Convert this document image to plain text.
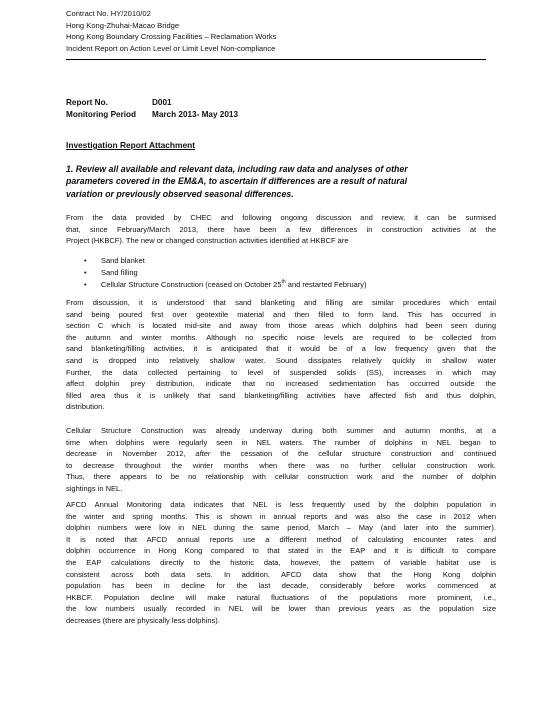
Contract No. HY/2010/02
Hong Kong-Zhuhai-Macao Bridge
Hong Kong Boundary Crossing Facilities – Reclamation Works
Incident Report on Action Level or Limit Level Non-compliance
Report No.	D001
Monitoring Period	March 2013- May 2013
Investigation Report Attachment
1. Review all available and relevant data, including raw data and analyses of other
parameters covered in the EM&A, to ascertain if differences are a result of natural
variation or previously observed seasonal differences.
From the data provided by CHEC and following ongoing discussion and review, it can be surmised
that, since February/March 2013, there have been a few differences in construction activities at the
Project (HKBCF). The new or changed construction activities identified at HKBCF are
•	Sand blanket
•	Sand filling
•	Cellular Structure Construction (ceased on October 25th and restarted February)
From discussion, it is understood that sand blanketing and filling are similar procedures which entail
sand being poured first over geotextile material and then filled to form land. This has occurred in
section C which is located mid-site and away from those areas which dolphins had been seen during
the autumn and winter months. Although no specific noise levels are required to be collected from
sand blanketing/filling activities, it is anticipated that it would be of a low frequency given that the
sand is dropped into relatively shallow water. Sound dissipates relatively quickly in shallow water
Further, the data collected pertaining to level of suspended solids (SS), increases in which may
affect dolphin prey distribution, indicate that no increased sedimentation has occurred outside the
filled area thus it is unlikely that sand blanketing/filling activities have affected fish and thus dolphin,
distribution.
Cellular Structure Construction was already underway during both summer and autumn months, at a
time when dolphins were regularly seen in NEL waters. The number of dolphins in NEL began to
decrease in November 2012, after the cessation of the cellular structure construction and continued
to decrease throughout the winter months when there was no further cellular construction work.
Thus, there appears to be no relationship with cellular construction work and the number of dolphin
sightings in NEL.
AFCD Annual Monitoring data indicates that NEL is less frequently used by the dolphin population in
the winter and spring months. This is shown in annual reports and was also the case in 2012 when
dolphin numbers were low in NEL during the same period, March – May (and later into the summer).
It is noted that AFCD annual reports use a different method of calculating encounter rates and
dolphin occurrence in Hong Kong compared to that stated in the EAP and it is difficult to compare
the EAP calculations directly to the historic data, however, the pattern of variable habitat use is
consistent across both data sets. In addition, AFCD data show that the Hong Kong dolphin
population has been in decline for the last decade, considerably before works commenced at
HKBCF. Population decline will make natural fluctuations of the populations more prominent, i.e.,
the low numbers usually recorded in NEL will be lower than previous years as the population size
decreases (there are physically less dolphins).
